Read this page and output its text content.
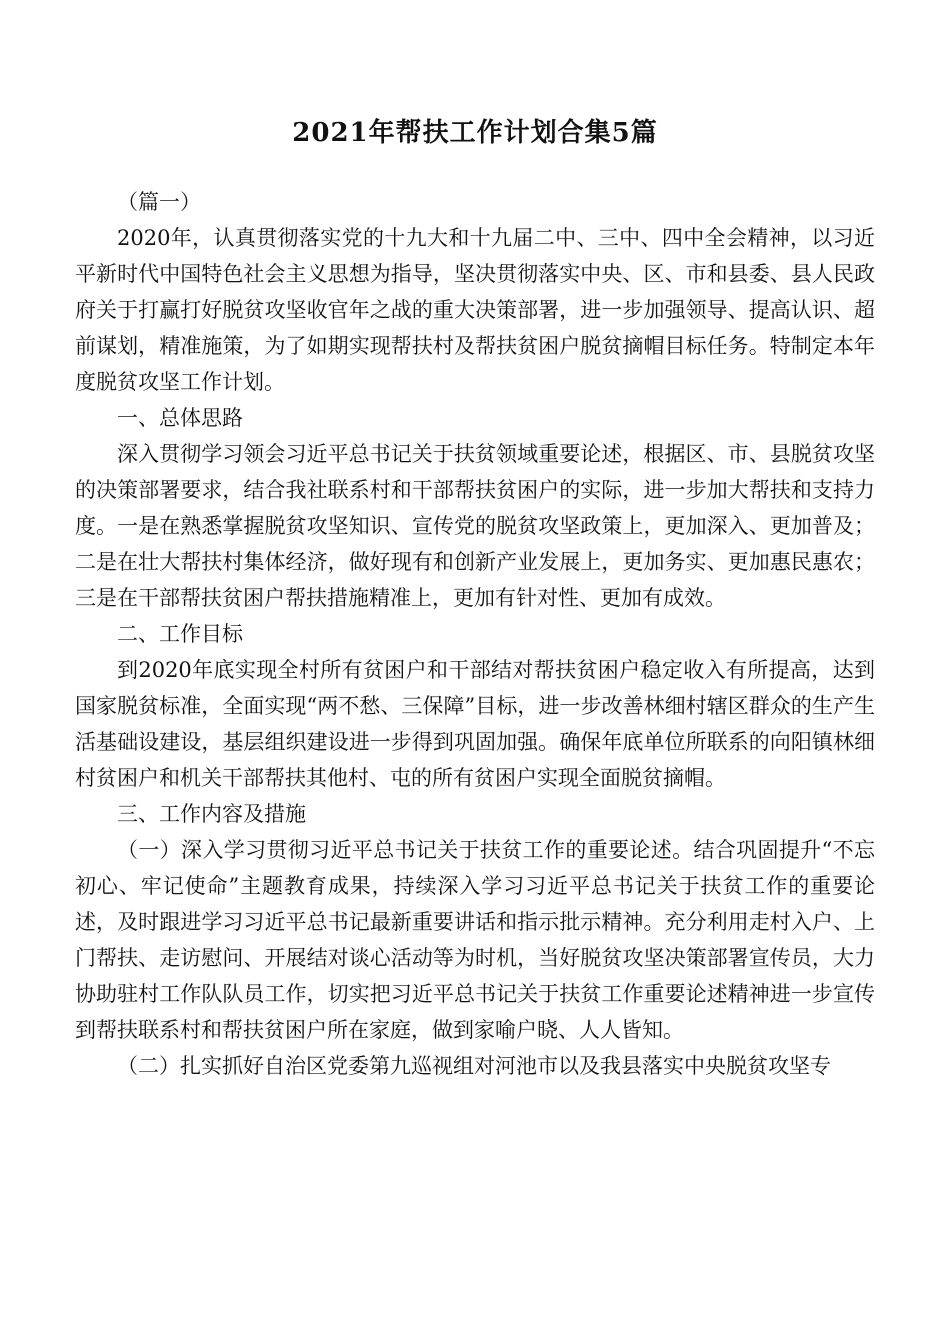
2021年帮扶工作计划合集5篇

（篇一）

2020年，认真贯彻落实党的十九大和十九届二中、三中、四中全会精神，以习近平新时代中国特色社会主义思想为指导，坚决贯彻落实中央、区、市和县委、县人民政府关于打赢打好脱贫攻坚收官年之战的重大决策部署，进一步加强领导、提高认识、超前谋划，精准施策，为了如期实现帮扶村及帮扶贫困户脱贫摘帽目标任务。特制定本年度脱贫攻坚工作计划。

一、总体思路

深入贯彻学习领会习近平总书记关于扶贫领域重要论述，根据区、市、县脱贫攻坚的决策部署要求，结合我社联系村和干部帮扶贫困户的实际，进一步加大帮扶和支持力度。一是在熟悉掌握脱贫攻坚知识、宣传党的脱贫攻坚政策上，更加深入、更加普及；二是在壮大帮扶村集体经济，做好现有和创新产业发展上，更加务实、更加惠民惠农；三是在干部帮扶贫困户帮扶措施精准上，更加有针对性、更加有成效。

二、工作目标

到2020年底实现全村所有贫困户和干部结对帮扶贫困户稳定收入有所提高，达到国家脱贫标准，全面实现“两不愁、三保障”目标，进一步改善林细村辖区群众的生产生活基础设建设，基层组织建设进一步得到巩固加强。确保年底单位所联系的向阳镇林细村贫困户和机关干部帮扶其他村、屯的所有贫困户实现全面脱贫摘帽。

三、工作内容及措施

（一）深入学习贯彻习近平总书记关于扶贫工作的重要论述。结合巩固提升“不忘初心、牢记使命”主题教育成果，持续深入学习习近平总书记关于扶贫工作的重要论述，及时跟进学习习近平总书记最新重要讲话和指示批示精神。充分利用走村入户、上门帮扶、走访慰问、开展结对谈心活动等为时机，当好脱贫攻坚决策部署宣传员，大力协助驻村工作队队员工作，切实把习近平总书记关于扶贫工作重要论述精神进一步宣传到帮扶联系村和帮扶贫困户所在家庭，做到家喻户晓、人人皆知。

（二）扎实抓好自治区党委第九巡视组对河池市以及我县落实中央脱贫攻坚专
